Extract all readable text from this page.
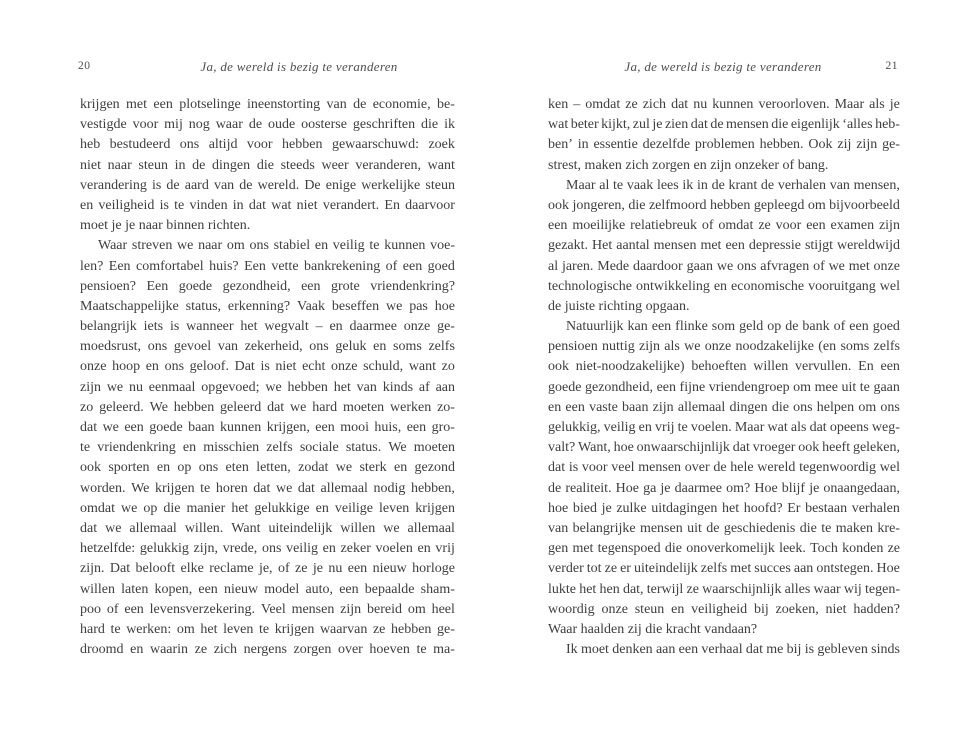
20	Ja, de wereld is bezig te veranderen
krijgen met een plotselinge ineenstorting van de economie, be-
vestigde voor mij nog waar de oude oosterse geschriften die ik
heb bestudeerd ons altijd voor hebben gewaarschuwd: zoek
niet naar steun in de dingen die steeds weer veranderen, want
verandering is de aard van de wereld. De enige werkelijke steun
en veiligheid is te vinden in dat wat niet verandert. En daarvoor
moet je je naar binnen richten.
Waar streven we naar om ons stabiel en veilig te kunnen voe-
len? Een comfortabel huis? Een vette bankrekening of een goed
pensioen? Een goede gezondheid, een grote vriendenkring?
Maatschappelijke status, erkenning? Vaak beseffen we pas hoe
belangrijk iets is wanneer het wegvalt – en daarmee onze ge-
moedsrust, ons gevoel van zekerheid, ons geluk en soms zelfs
onze hoop en ons geloof. Dat is niet echt onze schuld, want zo
zijn we nu eenmaal opgevoed; we hebben het van kinds af aan
zo geleerd. We hebben geleerd dat we hard moeten werken zo-
dat we een goede baan kunnen krijgen, een mooi huis, een gro-
te vriendenkring en misschien zelfs sociale status. We moeten
ook sporten en op ons eten letten, zodat we sterk en gezond
worden. We krijgen te horen dat we dat allemaal nodig hebben,
omdat we op die manier het gelukkige en veilige leven krijgen
dat we allemaal willen. Want uiteindelijk willen we allemaal
hetzelfde: gelukkig zijn, vrede, ons veilig en zeker voelen en vrij
zijn. Dat belooft elke reclame je, of ze je nu een nieuw horloge
willen laten kopen, een nieuw model auto, een bepaalde sham-
poo of een levensverzekering. Veel mensen zijn bereid om heel
hard te werken: om het leven te krijgen waarvan ze hebben ge-
droomd en waarin ze zich nergens zorgen over hoeven te ma-
Ja, de wereld is bezig te veranderen	21
ken – omdat ze zich dat nu kunnen veroorloven. Maar als je
wat beter kijkt, zul je zien dat de mensen die eigenlijk ‘alles heb-
ben’ in essentie dezelfde problemen hebben. Ook zij zijn ge-
strest, maken zich zorgen en zijn onzeker of bang.
Maar al te vaak lees ik in de krant de verhalen van mensen,
ook jongeren, die zelfmoord hebben gepleegd om bijvoorbeeld
een moeilijke relatiebreuk of omdat ze voor een examen zijn
gezakt. Het aantal mensen met een depressie stijgt wereldwijd
al jaren. Mede daardoor gaan we ons afvragen of we met onze
technologische ontwikkeling en economische vooruitgang wel
de juiste richting opgaan.
Natuurlijk kan een flinke som geld op de bank of een goed
pensioen nuttig zijn als we onze noodzakelijke (en soms zelfs
ook niet-noodzakelijke) behoeften willen vervullen. En een
goede gezondheid, een fijne vriendengroep om mee uit te gaan
en een vaste baan zijn allemaal dingen die ons helpen om ons
gelukkig, veilig en vrij te voelen. Maar wat als dat opeens weg-
valt? Want, hoe onwaarschijnlijk dat vroeger ook heeft geleken,
dat is voor veel mensen over de hele wereld tegenwoordig wel
de realiteit. Hoe ga je daarmee om? Hoe blijf je onaangedaan,
hoe bied je zulke uitdagingen het hoofd? Er bestaan verhalen
van belangrijke mensen uit de geschiedenis die te maken kre-
gen met tegenspoed die onoverkomelijk leek. Toch konden ze
verder tot ze er uiteindelijk zelfs met succes aan ontstegen. Hoe
lukte het hen dat, terwijl ze waarschijnlijk alles waar wij tegen-
woordig onze steun en veiligheid bij zoeken, niet hadden?
Waar haalden zij die kracht vandaan?
Ik moet denken aan een verhaal dat me bij is gebleven sinds
